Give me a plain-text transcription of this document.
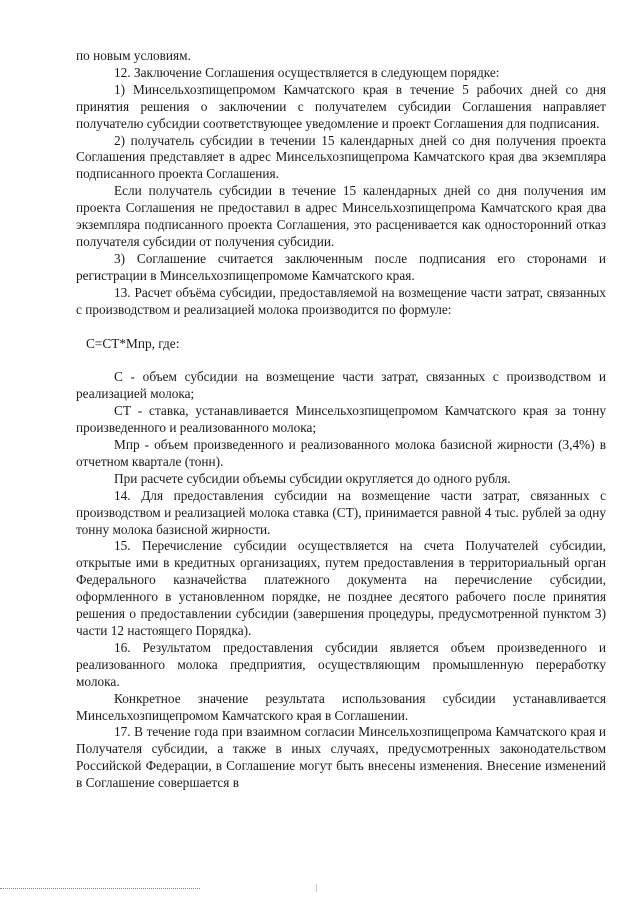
по новым условиям.

12. Заключение Соглашения осуществляется в следующем порядке:

1) Минсельхозпищепромом Камчатского края в течение 5 рабочих дней со дня принятия решения о заключении с получателем субсидии Соглашения направляет получателю субсидии соответствующее уведомление и проект Соглашения для подписания.

2) получатель субсидии в течении 15 календарных дней со дня получения проекта Соглашения представляет в адрес Минсельхозпищепрома Камчатского края два экземпляра подписанного проекта Соглашения.

Если получатель субсидии в течение 15 календарных дней со дня получения им проекта Соглашения не предоставил в адрес Минсельхозпищепрома Камчатского края два экземпляра подписанного проекта Соглашения, это расценивается как односторонний отказ получателя субсидии от получения субсидии.

3) Соглашение считается заключенным после подписания его сторонами и регистрации в Минсельхозпищепромоме Камчатского края.

13. Расчет объёма субсидии, предоставляемой на возмещение части затрат, связанных с производством и реализацией молока производится по формуле:

С=СТ*Мпр, где:

С - объем субсидии на возмещение части затрат, связанных с производством и реализацией молока;

СТ - ставка, устанавливается Минсельхозпищепромом Камчатского края за тонну произведенного и реализованного молока;

Мпр - объем произведенного и реализованного молока базисной жирности (3,4%) в отчетном квартале (тонн).

При расчете субсидии объемы субсидии округляется до одного рубля.

14. Для предоставления субсидии на возмещение части затрат, связанных с производством и реализацией молока ставка (СТ), принимается равной 4 тыс. рублей за одну тонну молока базисной жирности.

15. Перечисление субсидии осуществляется на счета Получателей субсидии, открытые ими в кредитных организациях, путем предоставления в территориальный орган Федерального казначейства платежного документа на перечисление субсидии, оформленного в установленном порядке, не позднее десятого рабочего после принятия решения о предоставлении субсидии (завершения процедуры, предусмотренной пунктом 3) части 12 настоящего Порядка).

16. Результатом предоставления субсидии является объем произведенного и реализованного молока предприятия, осуществляющим промышленную переработку молока.

Конкретное значение результата использования субсидии устанавливается Минсельхозпищепромом Камчатского края в Соглашении.

17. В течение года при взаимном согласии Минсельхозпищепрома Камчатского края и Получателя субсидии, а также в иных случаях, предусмотренных законодательством Российской Федерации, в Соглашение могут быть внесены изменения. Внесение изменений в Соглашение совершается в
